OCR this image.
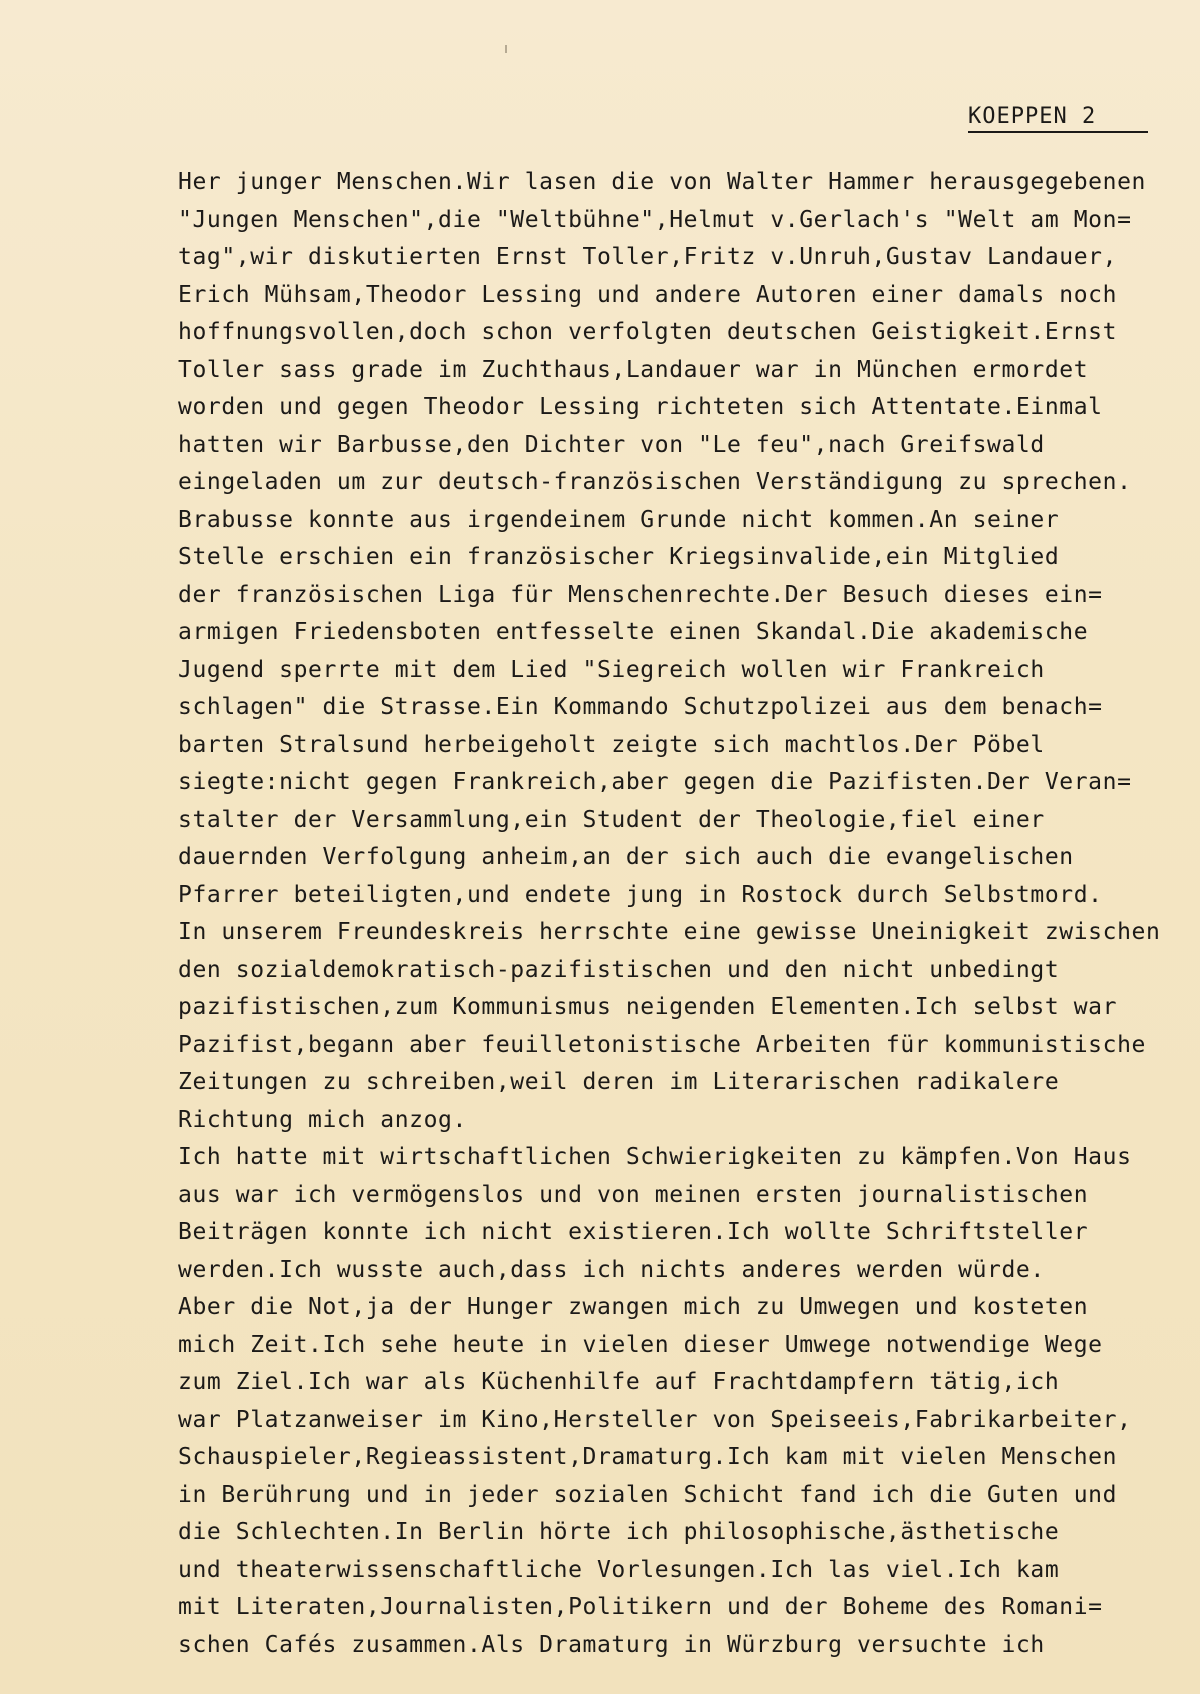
KOEPPEN 2
Her junger Menschen.Wir lasen die von Walter Hammer herausgegebenen
"Jungen Menschen",die "Weltbühne",Helmut v.Gerlach's "Welt am Mon=
tag",wir diskutierten Ernst Toller,Fritz v.Unruh,Gustav Landauer,
Erich Mühsam,Theodor Lessing und andere Autoren einer damals noch
hoffnungsvollen,doch schon verfolgten deutschen Geistigkeit.Ernst
Toller sass grade im Zuchthaus,Landauer war in München ermordet
worden und gegen Theodor Lessing richteten sich Attentate.Einmal
hatten wir Barbusse,den Dichter von "Le feu",nach Greifswald
eingeladen um zur deutsch-französischen Verständigung zu sprechen.
Brabusse konnte aus irgendeinem Grunde nicht kommen.An seiner
Stelle erschien ein französischer Kriegsinvalide,ein Mitglied
der französischen Liga für Menschenrechte.Der Besuch dieses ein=
armigen Friedensboten entfesselte einen Skandal.Die akademische
Jugend sperrte mit dem Lied "Siegreich wollen wir Frankreich
schlagen" die Strasse.Ein Kommando Schutzpolizei aus dem benach=
barten Stralsund herbeigeholt zeigte sich machtlos.Der Pöbel
siegte:nicht gegen Frankreich,aber gegen die Pazifisten.Der Veran=
stalter der Versammlung,ein Student der Theologie,fiel einer
dauernden Verfolgung anheim,an der sich auch die evangelischen
Pfarrer beteiligten,und endete jung in Rostock durch Selbstmord.
In unserem Freundeskreis herrschte eine gewisse Uneinigkeit zwischen
den sozialdemokratisch-pazifistischen und den nicht unbedingt
pazifistischen,zum Kommunismus neigenden Elementen.Ich selbst war
Pazifist,begann aber feuilletonistische Arbeiten für kommunistische
Zeitungen zu schreiben,weil deren im Literarischen radikalere
Richtung mich anzog.
Ich hatte mit wirtschaftlichen Schwierigkeiten zu kämpfen.Von Haus
aus war ich vermögenslos und von meinen ersten journalistischen
Beiträgen konnte ich nicht existieren.Ich wollte Schriftsteller
werden.Ich wusste auch,dass ich nichts anderes werden würde.
Aber die Not,ja der Hunger zwangen mich zu Umwegen und kosteten
mich Zeit.Ich sehe heute in vielen dieser Umwege notwendige Wege
zum Ziel.Ich war als Küchenhilfe auf Frachtdampfern tätig,ich
war Platzanweiser im Kino,Hersteller von Speiseeis,Fabrikarbeiter,
Schauspieler,Regieassistent,Dramaturg.Ich kam mit vielen Menschen
in Berührung und in jeder sozialen Schicht fand ich die Guten und
die Schlechten.In Berlin hörte ich philosophische,ästhetische
und theaterwissenschaftliche Vorlesungen.Ich las viel.Ich kam
mit Literaten,Journalisten,Politikern und der Boheme des Romani=
schen Cafés zusammen.Als Dramaturg in Würzburg versuchte ich
